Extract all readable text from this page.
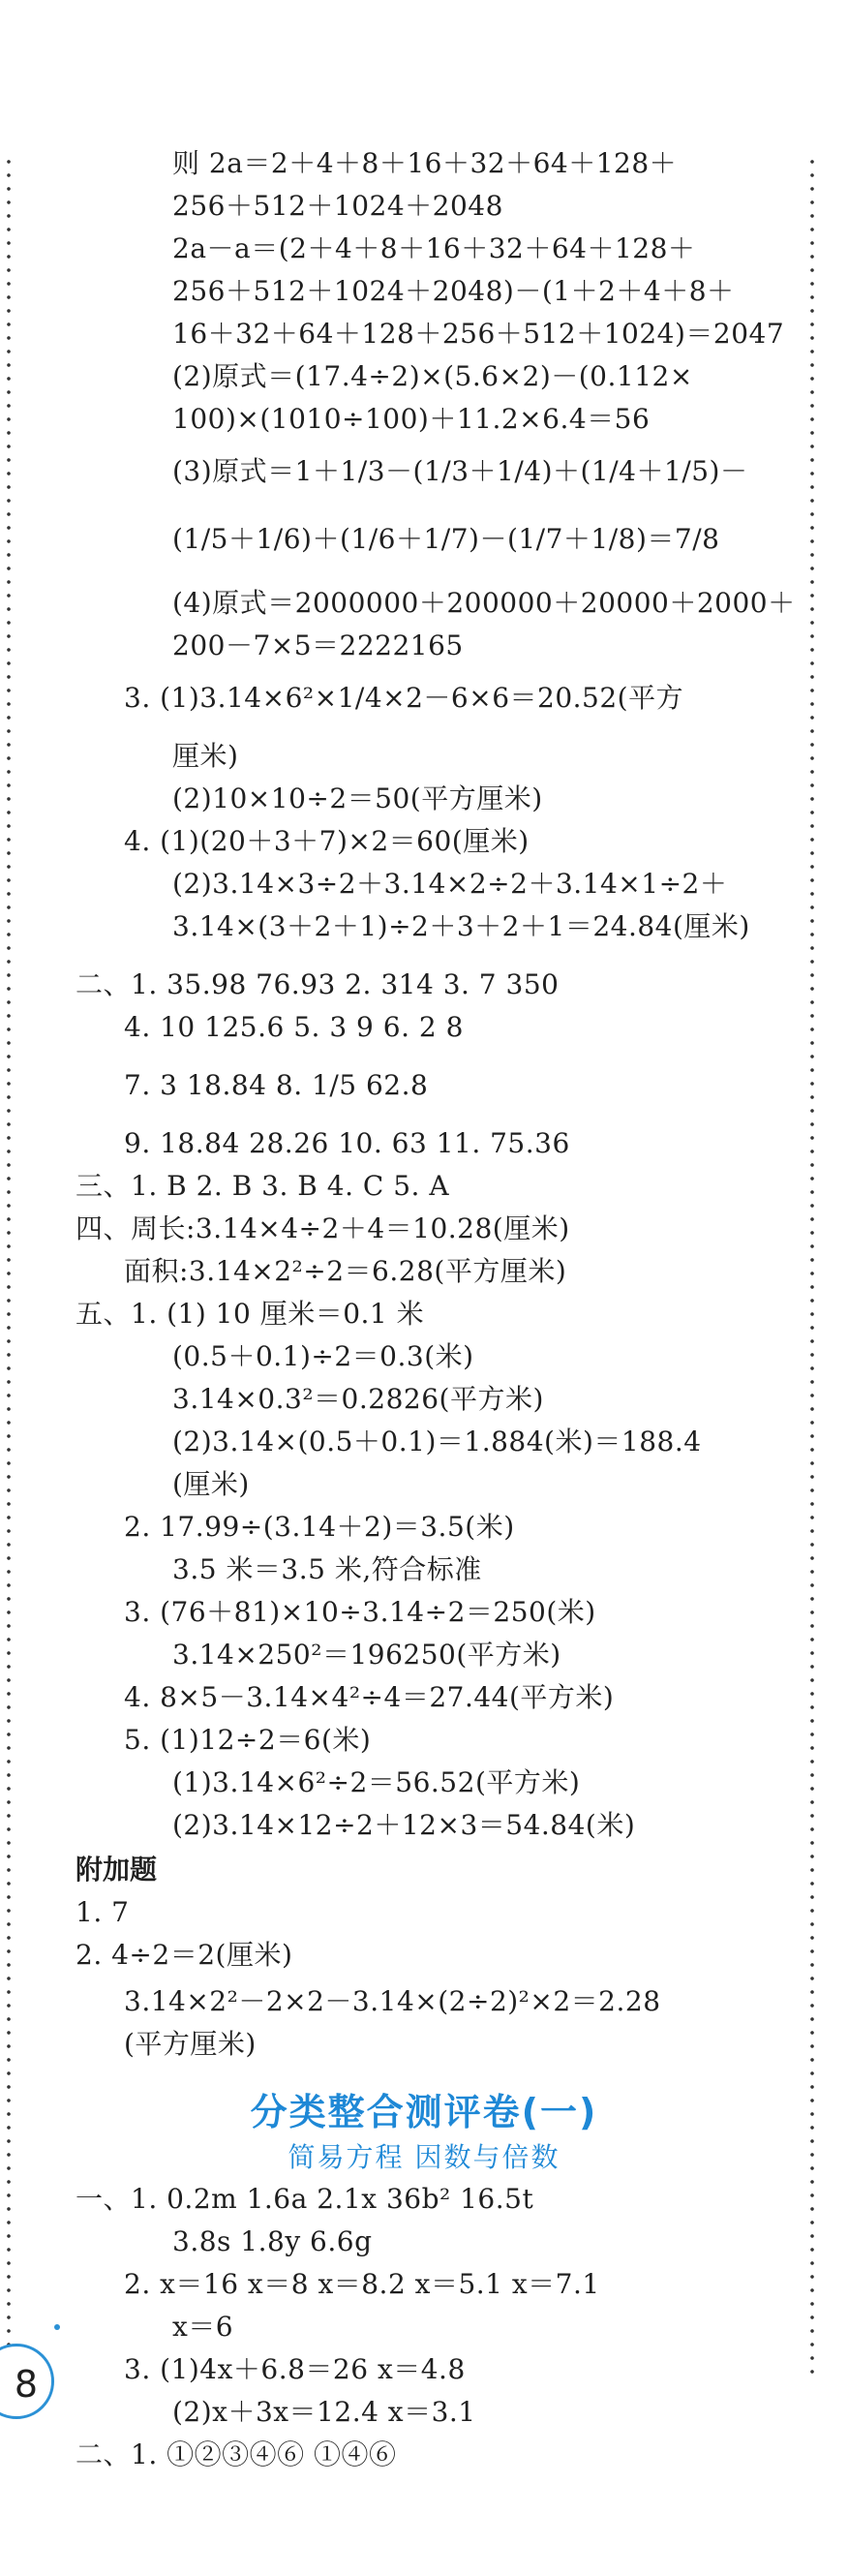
则 2a＝2＋4＋8＋16＋32＋64＋128＋
256＋512＋1024＋2048
2a－a＝(2＋4＋8＋16＋32＋64＋128＋
256＋512＋1024＋2048)－(1＋2＋4＋8＋
16＋32＋64＋128＋256＋512＋1024)＝2047
(2)原式＝(17.4÷2)×(5.6×2)－(0.112×
100)×(1010÷100)＋11.2×6.4＝56
(3)原式＝1＋1/3－(1/3＋1/4)＋(1/4＋1/5)－
(1/5＋1/6)＋(1/6＋1/7)－(1/7＋1/8)＝7/8
(4)原式＝2000000＋200000＋20000＋2000＋
200－7×5＝2222165
3. (1)3.14×6²×1/4×2－6×6＝20.52(平方
厘米)
(2)10×10÷2＝50(平方厘米)
4. (1)(20＋3＋7)×2＝60(厘米)
(2)3.14×3÷2＋3.14×2÷2＋3.14×1÷2＋
3.14×(3＋2＋1)÷2＋3＋2＋1＝24.84(厘米)
二、1. 35.98 76.93 2. 314 3. 7 350
4. 10 125.6 5. 3 9 6. 2 8
7. 3 18.84 8. 1/5 62.8
9. 18.84 28.26 10. 63 11. 75.36
三、1. B 2. B 3. B 4. C 5. A
四、周长:3.14×4÷2＋4＝10.28(厘米)
面积:3.14×2²÷2＝6.28(平方厘米)
五、1. (1) 10 厘米＝0.1 米
(0.5＋0.1)÷2＝0.3(米)
3.14×0.3²＝0.2826(平方米)
(2)3.14×(0.5＋0.1)＝1.884(米)＝188.4
(厘米)
2. 17.99÷(3.14＋2)＝3.5(米)
3.5 米＝3.5 米,符合标准
3. (76＋81)×10÷3.14÷2＝250(米)
3.14×250²＝196250(平方米)
4. 8×5－3.14×4²÷4＝27.44(平方米)
5. (1)12÷2＝6(米)
(1)3.14×6²÷2＝56.52(平方米)
(2)3.14×12÷2＋12×3＝54.84(米)
附加题
1. 7
2. 4÷2＝2(厘米)
3.14×2²－2×2－3.14×(2÷2)²×2＝2.28
(平方厘米)
分类整合测评卷(一)
简易方程 因数与倍数
一、1. 0.2m 1.6a 2.1x 36b² 16.5t
3.8s 1.8y 6.6g
2. x＝16 x＝8 x＝8.2 x＝5.1 x＝7.1
x＝6
3. (1)4x＋6.8＝26 x＝4.8
(2)x＋3x＝12.4 x＝3.1
二、1. ①②③④⑥ ①④⑥
8
